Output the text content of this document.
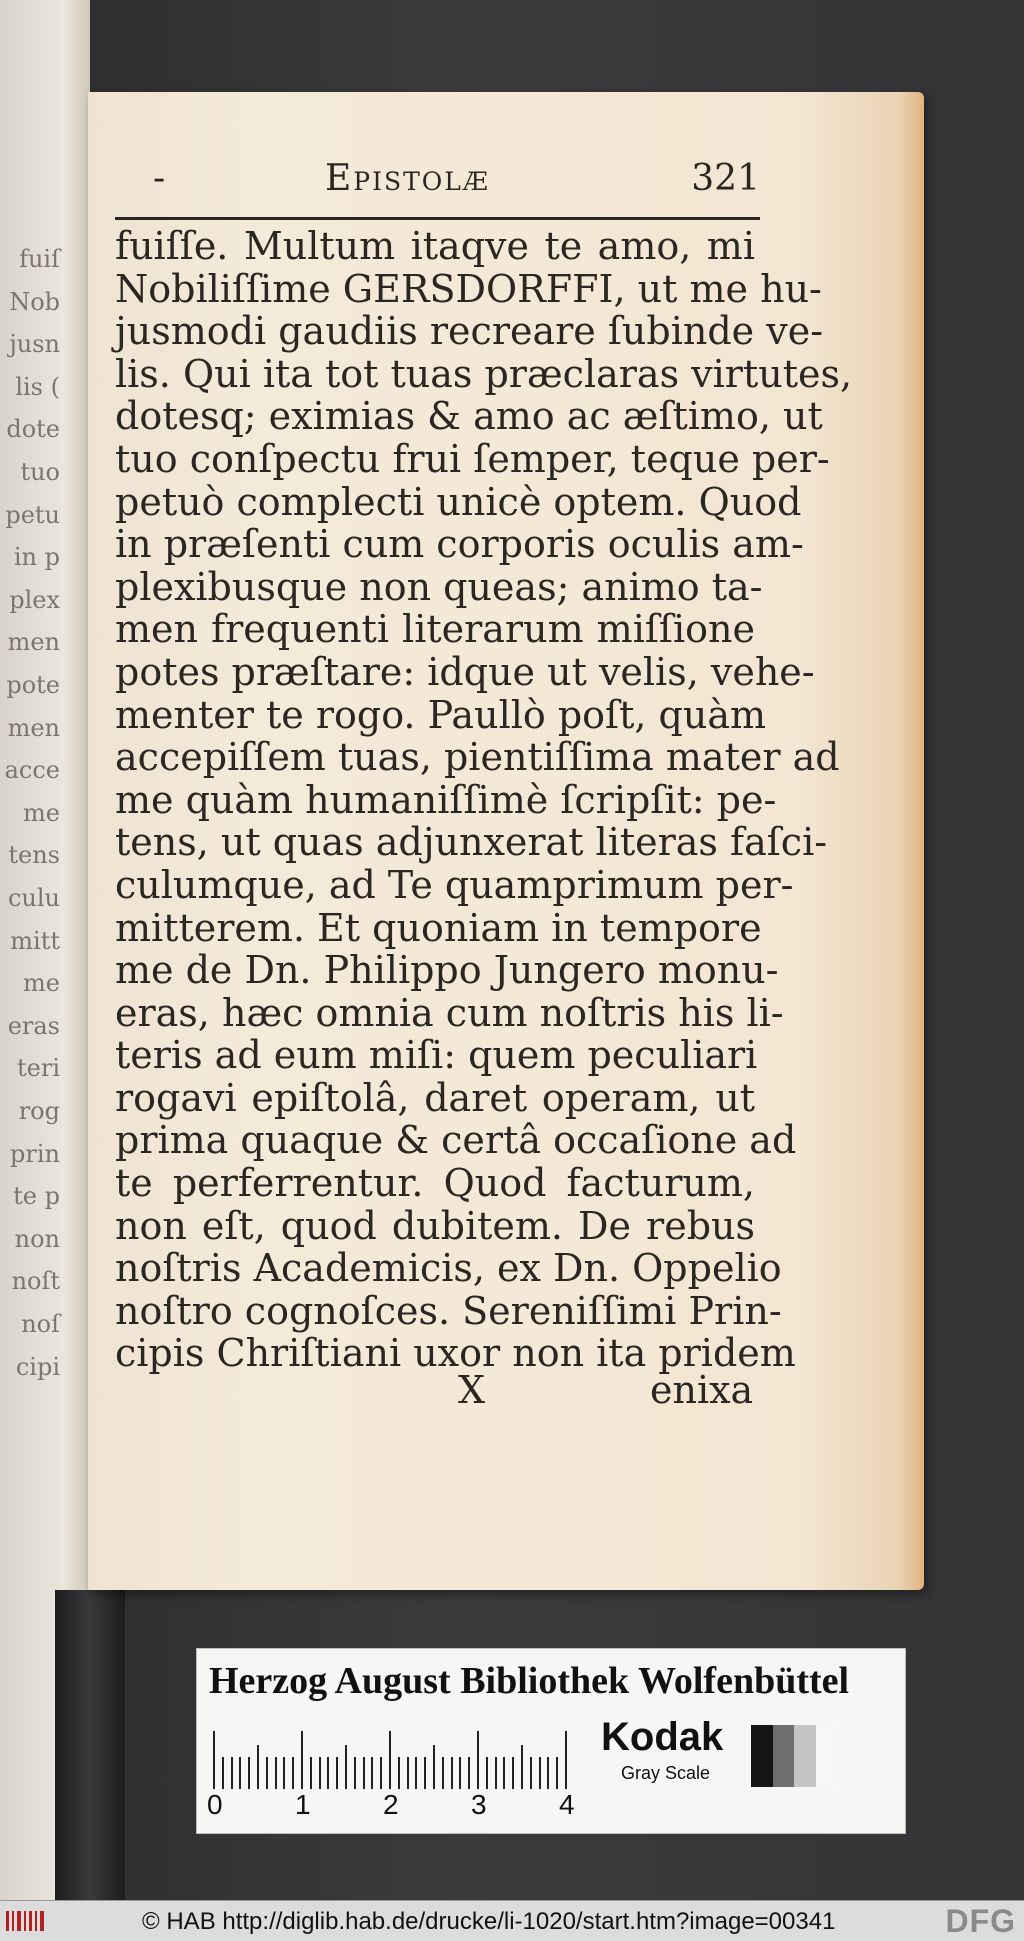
fuiſ
Nob
jusn
lis (
dote
tuo
petu
in p
plex
men
pote
men
acce
me
tens
culu
mitt
me
eras
teri
rog
prin
te p
non
noſt
noſ
cipi
-	Epistolæ	321
fuiſſe. Multum itaqve te amo, mi
Nobiliſſime GERSDORFFI, ut me hu-
jusmodi gaudiis recreare ſubinde ve-
lis. Qui ita tot tuas præclaras virtutes,
dotesq; eximias & amo ac æſtimo, ut
tuo conſpectu frui ſemper, teque per-
petuò complecti unicè optem. Quod
in præſenti cum corporis oculis am-
plexibusque non queas; animo ta-
men frequenti literarum miſſione
potes præſtare: idque ut velis, vehe-
menter te rogo. Paullò poſt, quàm
accepiſſem tuas, pientiſſima mater ad
me quàm humaniſſimè ſcripſit: pe-
tens, ut quas adjunxerat literas faſci-
culumque, ad Te quamprimum per-
mitterem. Et quoniam in tempore
me de Dn. Philippo Jungero monu-
eras, hæc omnia cum noſtris his li-
teris ad eum miſi: quem peculiari
rogavi epiſtolâ, daret operam, ut
prima quaque & certâ occaſione ad
te perferrentur. Quod facturum,
non eſt, quod dubitem. De rebus
noſtris Academicis, ex Dn. Oppelio
noſtro cognoſces. Sereniſſimi Prin-
cipis Chriſtiani uxor non ita pridem
X	enixa
Herzog August Bibliothek Wolfenbüttel
0	1	2	3	4
Kodak
Gray Scale
© HAB http://diglib.hab.de/drucke/li-1020/start.htm?image=00341	DFG
